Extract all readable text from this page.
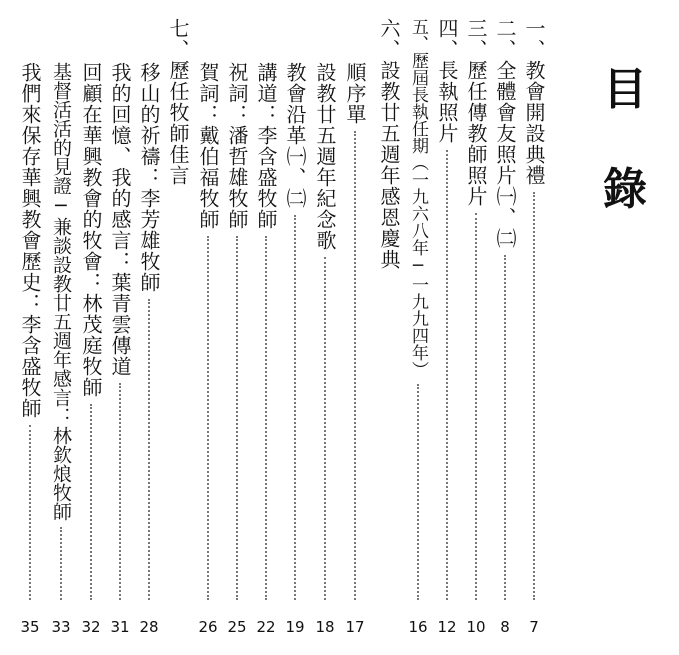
目
錄
一、教會開設典禮
7
二、全體會友照片㈠、㈡
8
三、歷任傳教師照片
10
四、長執照片
12
五、歷屆長執任期（一九六八年─一九九四年）
16
六、設教廿五週年感恩慶典
順序單
17
設教廿五週年紀念歌
18
教會沿革㈠、㈡
19
講道：李含盛牧師
22
祝詞：潘哲雄牧師
25
賀詞：戴伯福牧師
26
七、歷任牧師佳言
移山的祈禱：李芳雄牧師
28
我的回憶、我的感言：葉青雲傳道
31
回顧在華興教會的牧會：林茂庭牧師
32
基督活活的見證─兼談設教廿五週年感言：林欽烺牧師
33
我們來保存華興教會歷史：李含盛牧師
35
